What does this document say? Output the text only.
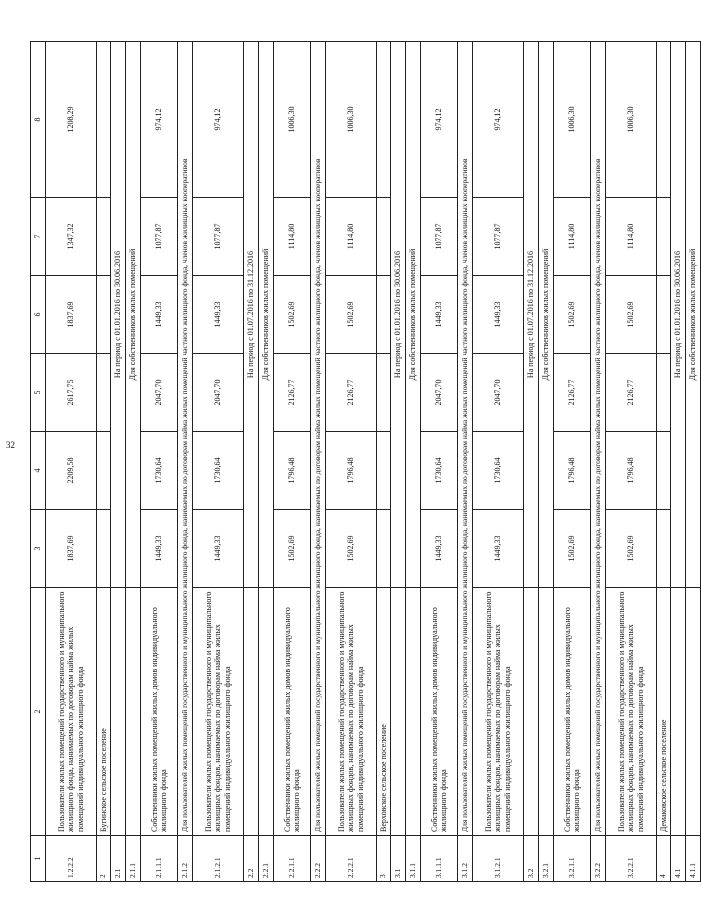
32
1	2	3	4	5	6	7	8
1.2.2.2	Пользователи жилых помещений государственного и муниципального жилищного фонда, нанимаемых по договорам найма жилых помещений индивидуального жилищного фонда	1837,69	2209,58	2617,75	1837,69	1347,32	1208,29
2	Бугинское сельское поселение						
2.1		На период с 01.01.2016 по 30.06.2016					

2.1.1		Для собственников жилых помещений					

2.1.1.1	Собственники жилых помещений жилых домов индивидуального жилищного фонда	1449,33	1730,64	2047,70	1449,33	1077,87	974,12
2.1.2	Для пользователей жилых помещений государственного и муниципального жилищного фонда, нанимаемых по договорам найма жилых помещений частного жилищного фонда, членов жилищных кооперативов						
2.1.2.1	Пользователи жилых помещений государственного и муниципального жилищных фондов, нанимаемых по договорам найма жилых помещений индивидуального жилищного фонда	1449,33	1730,64	2047,70	1449,33	1077,87	974,12
2.2		На период с 01.07.2016 по 31.12.2016					

2.2.1		Для собственников жилых помещений					

2.2.1.1	Собственники жилых помещений жилых домов индивидуального жилищного фонда	1502,69	1796,48	2126,77	1502,69	1114,80	1006,30
2.2.2	Для пользователей жилых помещений государственного и муниципального жилищного фонда, нанимаемых по договорам найма жилых помещений частного жилищного фонда, членов жилищных кооперативов						
2.2.2.1	Пользователи жилых помещений государственного и муниципального жилищных фондов, нанимаемых по договорам найма жилых помещений индивидуального жилищного фонда	1502,69	1796,48	2126,77	1502,69	1114,80	1006,30
3	Верховское сельское поселение						
3.1		На период с 01.01.2016 по 30.06.2016					

3.1.1		Для собственников жилых помещений					

3.1.1.1	Собственники жилых помещений жилых домов индивидуального жилищного фонда	1449,33	1730,64	2047,70	1449,33	1077,87	974,12
3.1.2	Для пользователей жилых помещений государственного и муниципального жилищного фонда, нанимаемых по договорам найма жилых помещений частного жилищного фонда, членов жилищных кооперативов						
3.1.2.1	Пользователи жилых помещений государственного и муниципального жилищных фондов, нанимаемых по договорам найма жилых помещений индивидуального жилищного фонда	1449,33	1730,64	2047,70	1449,33	1077,87	974,12
3.2		На период с 01.07.2016 по 31.12.2016					

3.2.1		Для собственников жилых помещений					

3.2.1.1	Собственники жилых помещений жилых домов индивидуального жилищного фонда	1502,69	1796,48	2126,77	1502,69	1114,80	1006,30
3.2.2	Для пользователей жилых помещений государственного и муниципального жилищного фонда, нанимаемых по договорам найма жилых помещений частного жилищного фонда, членов жилищных кооперативов						
3.2.2.1	Пользователи жилых помещений государственного и муниципального жилищных фондов, нанимаемых по договорам найма жилых помещений индивидуального жилищного фонда	1502,69	1796,48	2126,77	1502,69	1114,80	1006,30
4	Демаковское сельское поселение						
4.1		На период с 01.01.2016 по 30.06.2016					

4.1.1		Для собственников жилых помещений					
